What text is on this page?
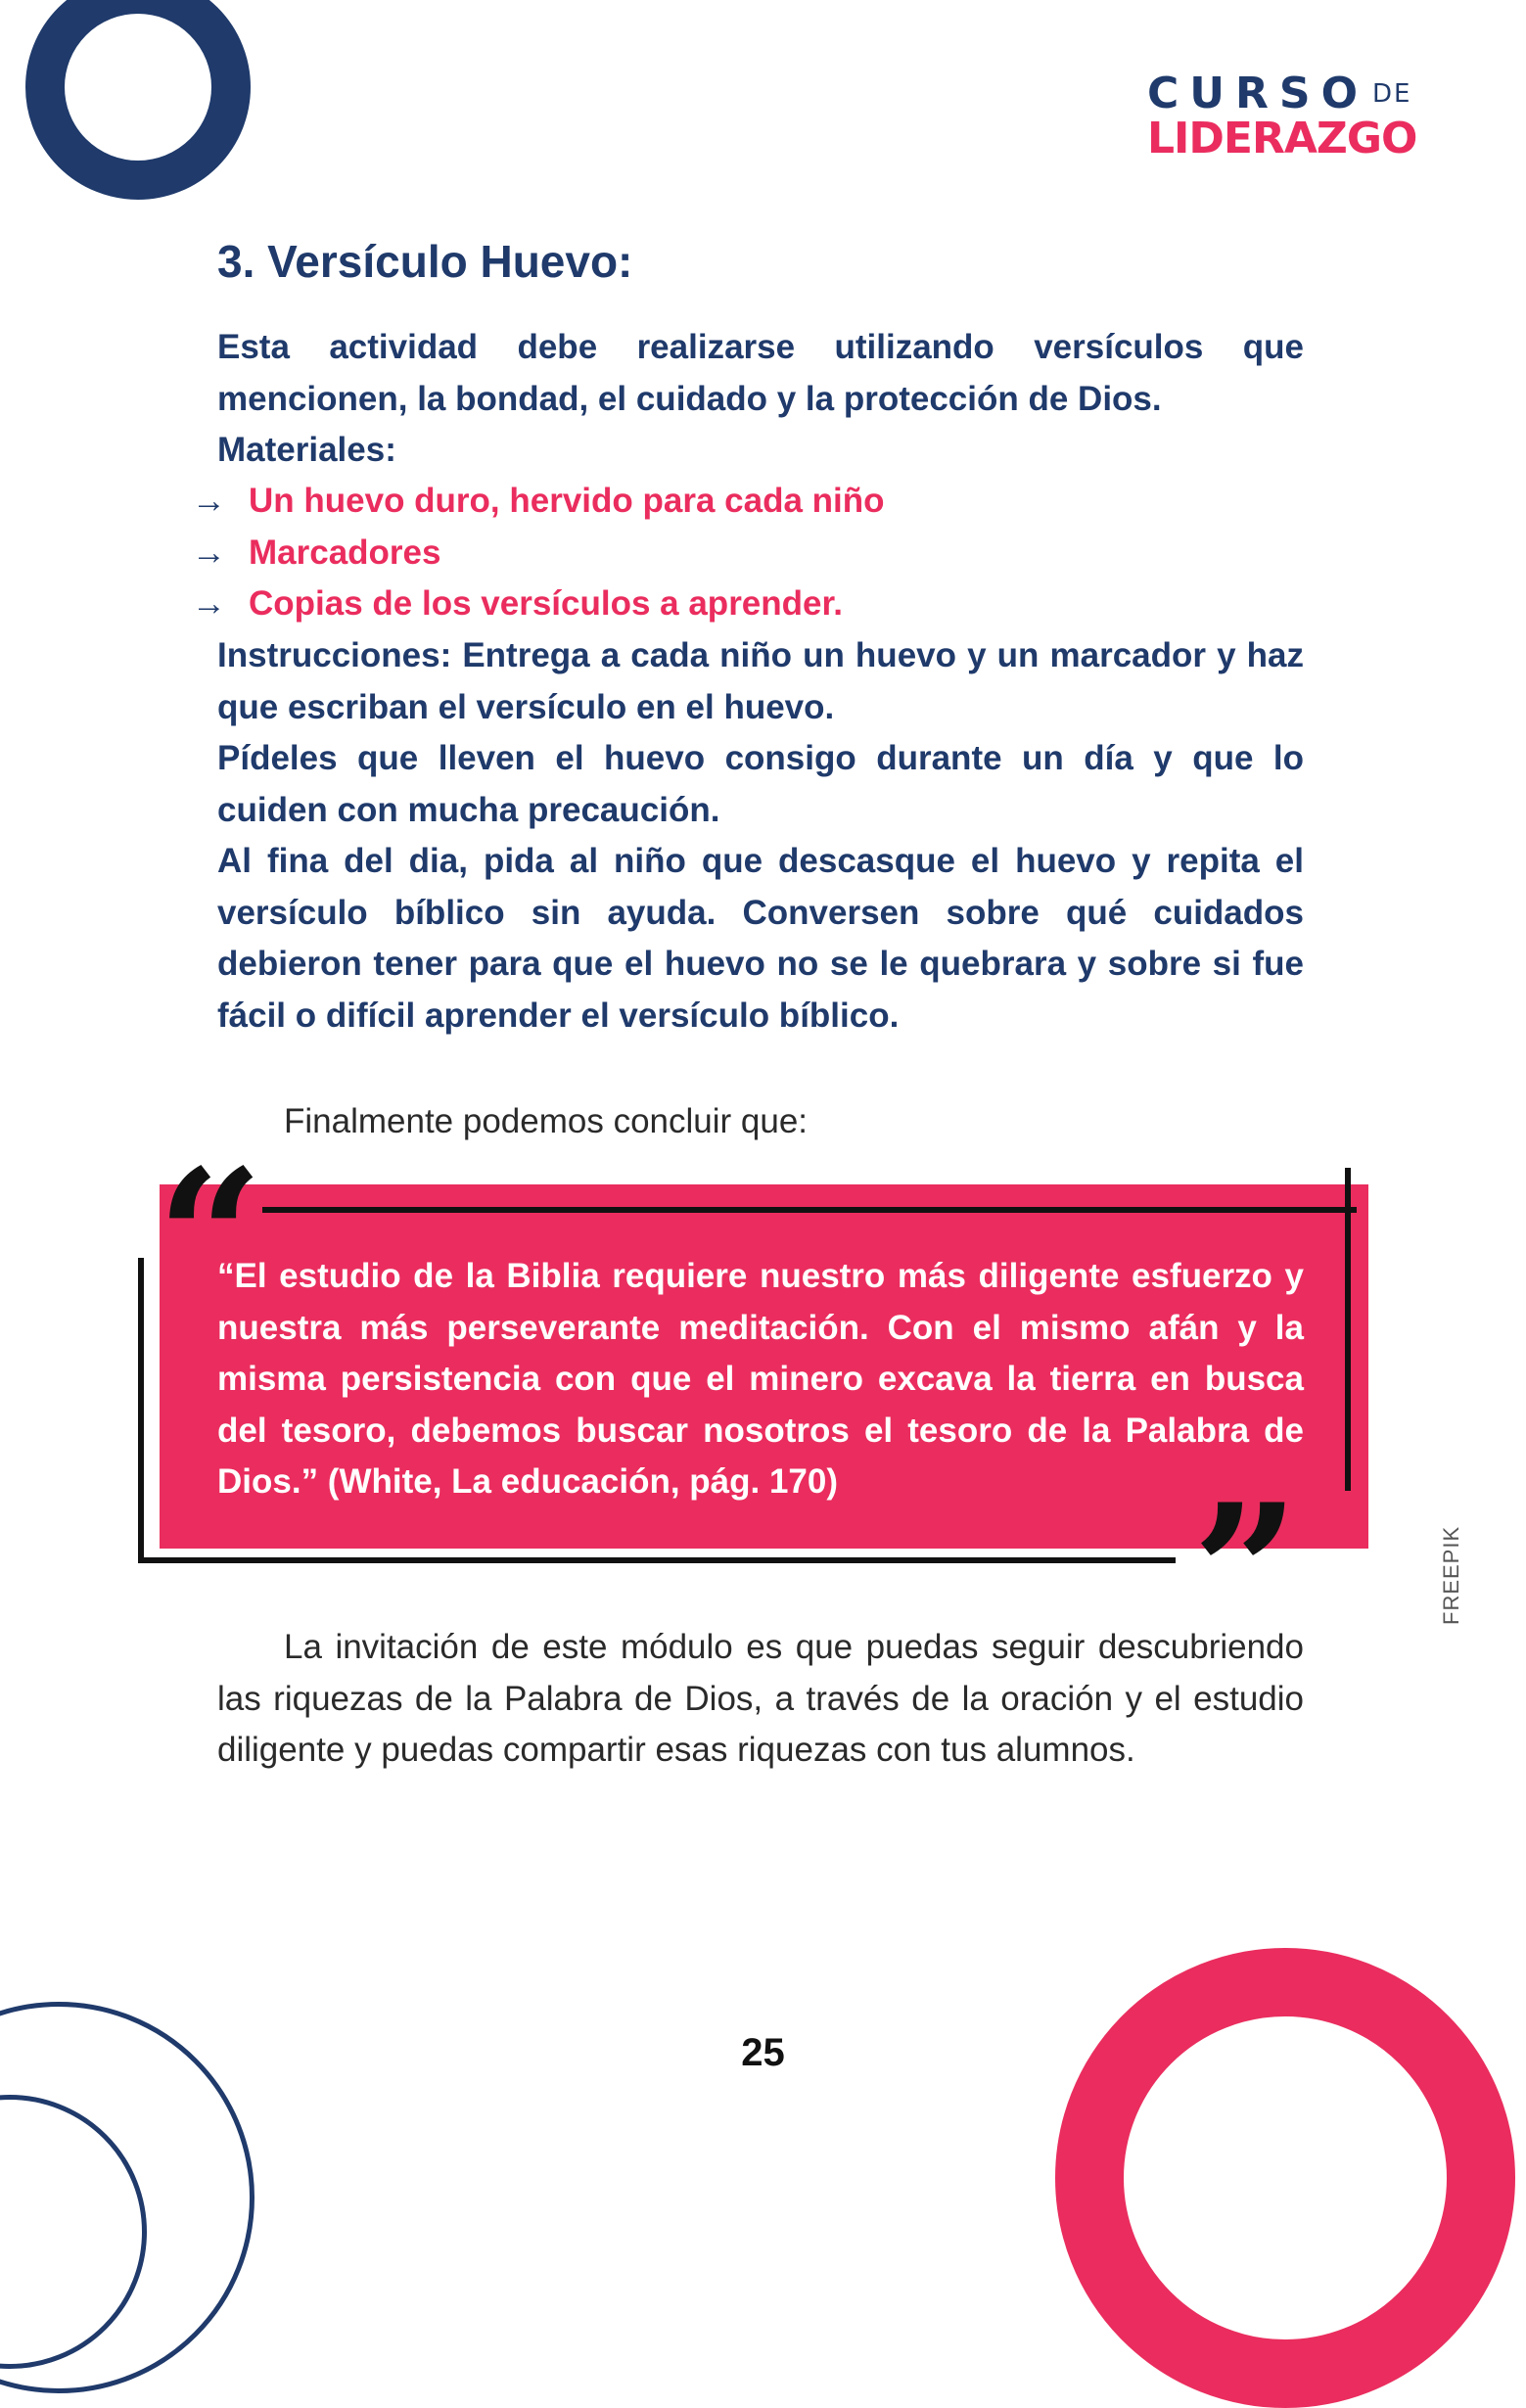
CURSO DE
LIDERAZGO
3. Versículo Huevo:

Esta actividad debe realizarse utilizando versículos que mencionen, la bondad, el cuidado y la protección de Dios.

Materiales:
→ Un huevo duro, hervido para cada niño
→ Marcadores
→ Copias de los versículos a aprender.

Instrucciones: Entrega a cada niño un huevo y un marcador y haz que escriban el versículo en el huevo.

Pídeles que lleven el huevo consigo durante un día y que lo cuiden con mucha precaución.

Al fina del dia, pida al niño que descasque el huevo y repita el versículo bíblico sin ayuda. Conversen sobre qué cuidados debieron tener para que el huevo no se le quebrara y sobre si fue fácil o difícil aprender el versículo bíblico.

Finalmente podemos concluir que:
“
”

“El estudio de la Biblia requiere nuestro más diligente esfuerzo y nuestra más perseverante meditación. Con el mismo afán y la misma persistencia con que el minero excava la tierra en busca del tesoro, debemos buscar nosotros el tesoro de la Palabra de Dios.” (White, La educación, pág. 170)

La invitación de este módulo es que puedas seguir descubriendo las riquezas de la Palabra de Dios, a través de la oración y el estudio diligente y puedas compartir esas riquezas con tus alumnos.

FREEPIK
25
